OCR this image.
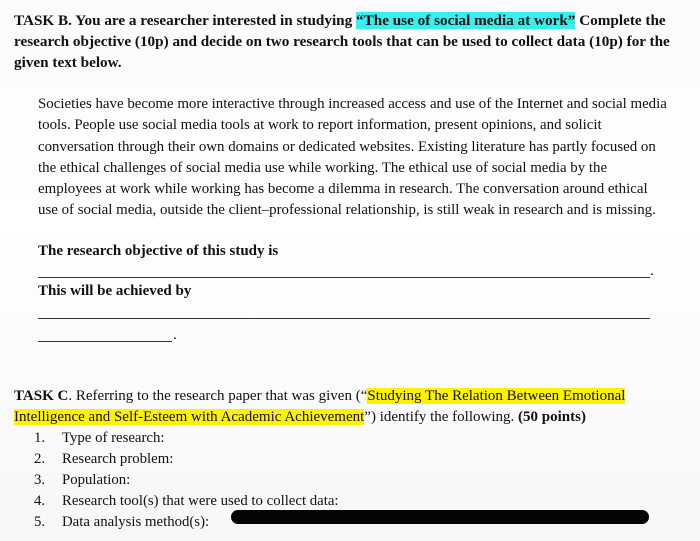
TASK B. You are a researcher interested in studying “The use of social media at work” Complete the research objective (10p) and decide on two research tools that can be used to collect data (10p) for the given text below.
Societies have become more interactive through increased access and use of the Internet and social media tools. People use social media tools at work to report information, present opinions, and solicit conversation through their own domains or dedicated websites. Existing literature has partly focused on the ethical challenges of social media use while working. The ethical use of social media by the employees at work while working has become a dilemma in research. The conversation around ethical use of social media, outside the client–professional relationship, is still weak in research and is missing.
The research objective of this study is
.
This will be achieved by
.
TASK C. Referring to the research paper that was given (“Studying The Relation Between Emotional Intelligence and Self-Esteem with Academic Achievement”) identify the following. (50 points)
1.	Type of research:
2.	Research problem:
3.	Population:
4.	Research tool(s) that were used to collect data:
5.	Data analysis method(s):
